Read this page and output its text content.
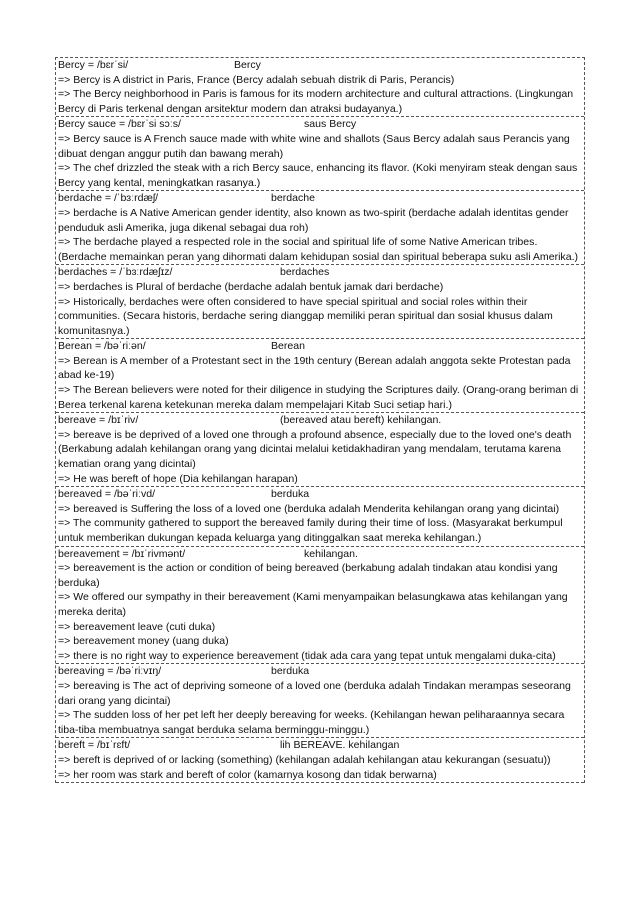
Bercy = /bɛrˈsi/	Bercy
=> Bercy is A district in Paris, France (Bercy adalah sebuah distrik di Paris, Perancis)
=> The Bercy neighborhood in Paris is famous for its modern architecture and cultural attractions. (Lingkungan Bercy di Paris terkenal dengan arsitektur modern dan atraksi budayanya.)
Bercy sauce = /bɛrˈsi sɔːs/	saus Bercy
=> Bercy sauce is A French sauce made with white wine and shallots (Saus Bercy adalah saus Perancis yang dibuat dengan anggur putih dan bawang merah)
=> The chef drizzled the steak with a rich Bercy sauce, enhancing its flavor. (Koki menyiram steak dengan saus Bercy yang kental, meningkatkan rasanya.)
berdache = /ˈbɜːrdæʃ/	berdache
=> berdache is A Native American gender identity, also known as two-spirit (berdache adalah identitas gender penduduk asli Amerika, juga dikenal sebagai dua roh)
=> The berdache played a respected role in the social and spiritual life of some Native American tribes. (Berdache memainkan peran yang dihormati dalam kehidupan sosial dan spiritual beberapa suku asli Amerika.)
berdaches = /ˈbɜːrdæʃɪz/	berdaches
=> berdaches is Plural of berdache (berdache adalah bentuk jamak dari berdache)
=> Historically, berdaches were often considered to have special spiritual and social roles within their communities. (Secara historis, berdache sering dianggap memiliki peran spiritual dan sosial khusus dalam komunitasnya.)
Berean = /bəˈriːən/	Berean
=> Berean is A member of a Protestant sect in the 19th century (Berean adalah anggota sekte Protestan pada abad ke-19)
=> The Berean believers were noted for their diligence in studying the Scriptures daily. (Orang-orang beriman di Berea terkenal karena ketekunan mereka dalam mempelajari Kitab Suci setiap hari.)
bereave = /bɪˈriv/	(bereaved atau bereft) kehilangan.
=> bereave is be deprived of a loved one through a profound absence, especially due to the loved one's death (Berkabung adalah kehilangan orang yang dicintai melalui ketidakhadiran yang mendalam, terutama karena kematian orang yang dicintai)
=> He was bereft of hope (Dia kehilangan harapan)
bereaved = /bəˈriːvd/	berduka
=> bereaved is Suffering the loss of a loved one (berduka adalah Menderita kehilangan orang yang dicintai)
=> The community gathered to support the bereaved family during their time of loss. (Masyarakat berkumpul untuk memberikan dukungan kepada keluarga yang ditinggalkan saat mereka kehilangan.)
bereavement = /bɪˈrivmənt/	kehilangan.
=> bereavement is the action or condition of being bereaved (berkabung adalah tindakan atau kondisi yang berduka)
=> We offered our sympathy in their bereavement (Kami menyampaikan belasungkawa atas kehilangan yang mereka derita)
=> bereavement leave (cuti duka)
=> bereavement money (uang duka)
=> there is no right way to experience bereavement (tidak ada cara yang tepat untuk mengalami duka-cita)
bereaving = /bəˈriːvɪŋ/	berduka
=> bereaving is The act of depriving someone of a loved one (berduka adalah Tindakan merampas seseorang dari orang yang dicintai)
=> The sudden loss of her pet left her deeply bereaving for weeks. (Kehilangan hewan peliharaannya secara tiba-tiba membuatnya sangat berduka selama berminggu-minggu.)
bereft = /bɪˈrɛft/	lih BEREAVE. kehilangan
=> bereft is deprived of or lacking (something) (kehilangan adalah kehilangan atau kekurangan (sesuatu))
=> her room was stark and bereft of color (kamarnya kosong dan tidak berwarna)
